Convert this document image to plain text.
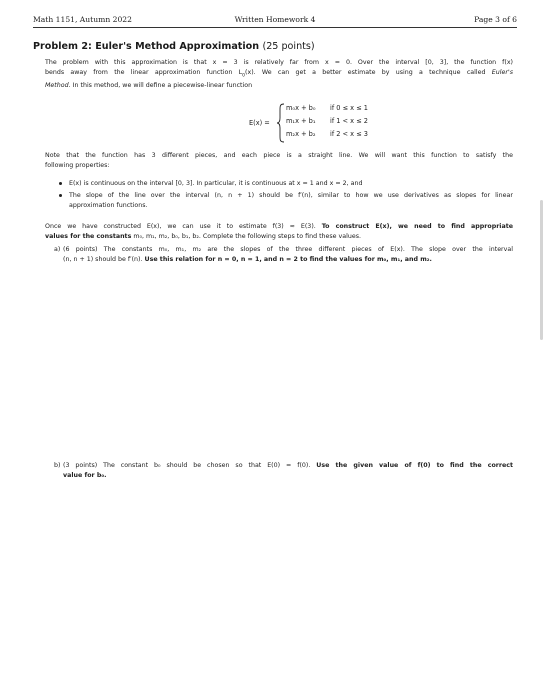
Math 1151, Autumn 2022	Written Homework 4	Page 3 of 6
Problem 2: Euler's Method Approximation (25 points)
The problem with this approximation is that x = 3 is relatively far from x = 0. Over the interval [0, 3], the function f(x)
bends away from the linear approximation function $L_0(x)$. We can get a better estimate by using a technique called Euler's
Method. In this method, we will define a piecewise-linear function
E(x) =
m₀x + b₀ if 0 ≤ x ≤ 1
m₁x + b₁ if 1 < x ≤ 2
m₂x + b₂ if 2 < x ≤ 3
Note that the function has 3 different pieces, and each piece is a straight line. We will want this function to satisfy the
following properties:
E(x) is continuous on the interval [0, 3]. In particular, it is continuous at x = 1 and x = 2, and
The slope of the line over the interval (n, n + 1) should be f′(n), similar to how we use derivatives as slopes for linear
approximation functions.
Once we have constructed E(x), we can use it to estimate f(3) ≈ E(3). To construct E(x), we need to find appropriate
values for the constants m₀, m₁, m₂, b₀, b₁, b₂. Complete the following steps to find these values.
a) (6 points) The constants m₀, m₁, m₂ are the slopes of the three different pieces of E(x). The slope over the interval
(n, n + 1) should be f′(n). Use this relation for n = 0, n = 1, and n = 2 to find the values for m₀, m₁, and m₂.
b) (3 points) The constant b₀ should be chosen so that E(0) = f(0). Use the given value of f(0) to find the correct
value for b₀.
